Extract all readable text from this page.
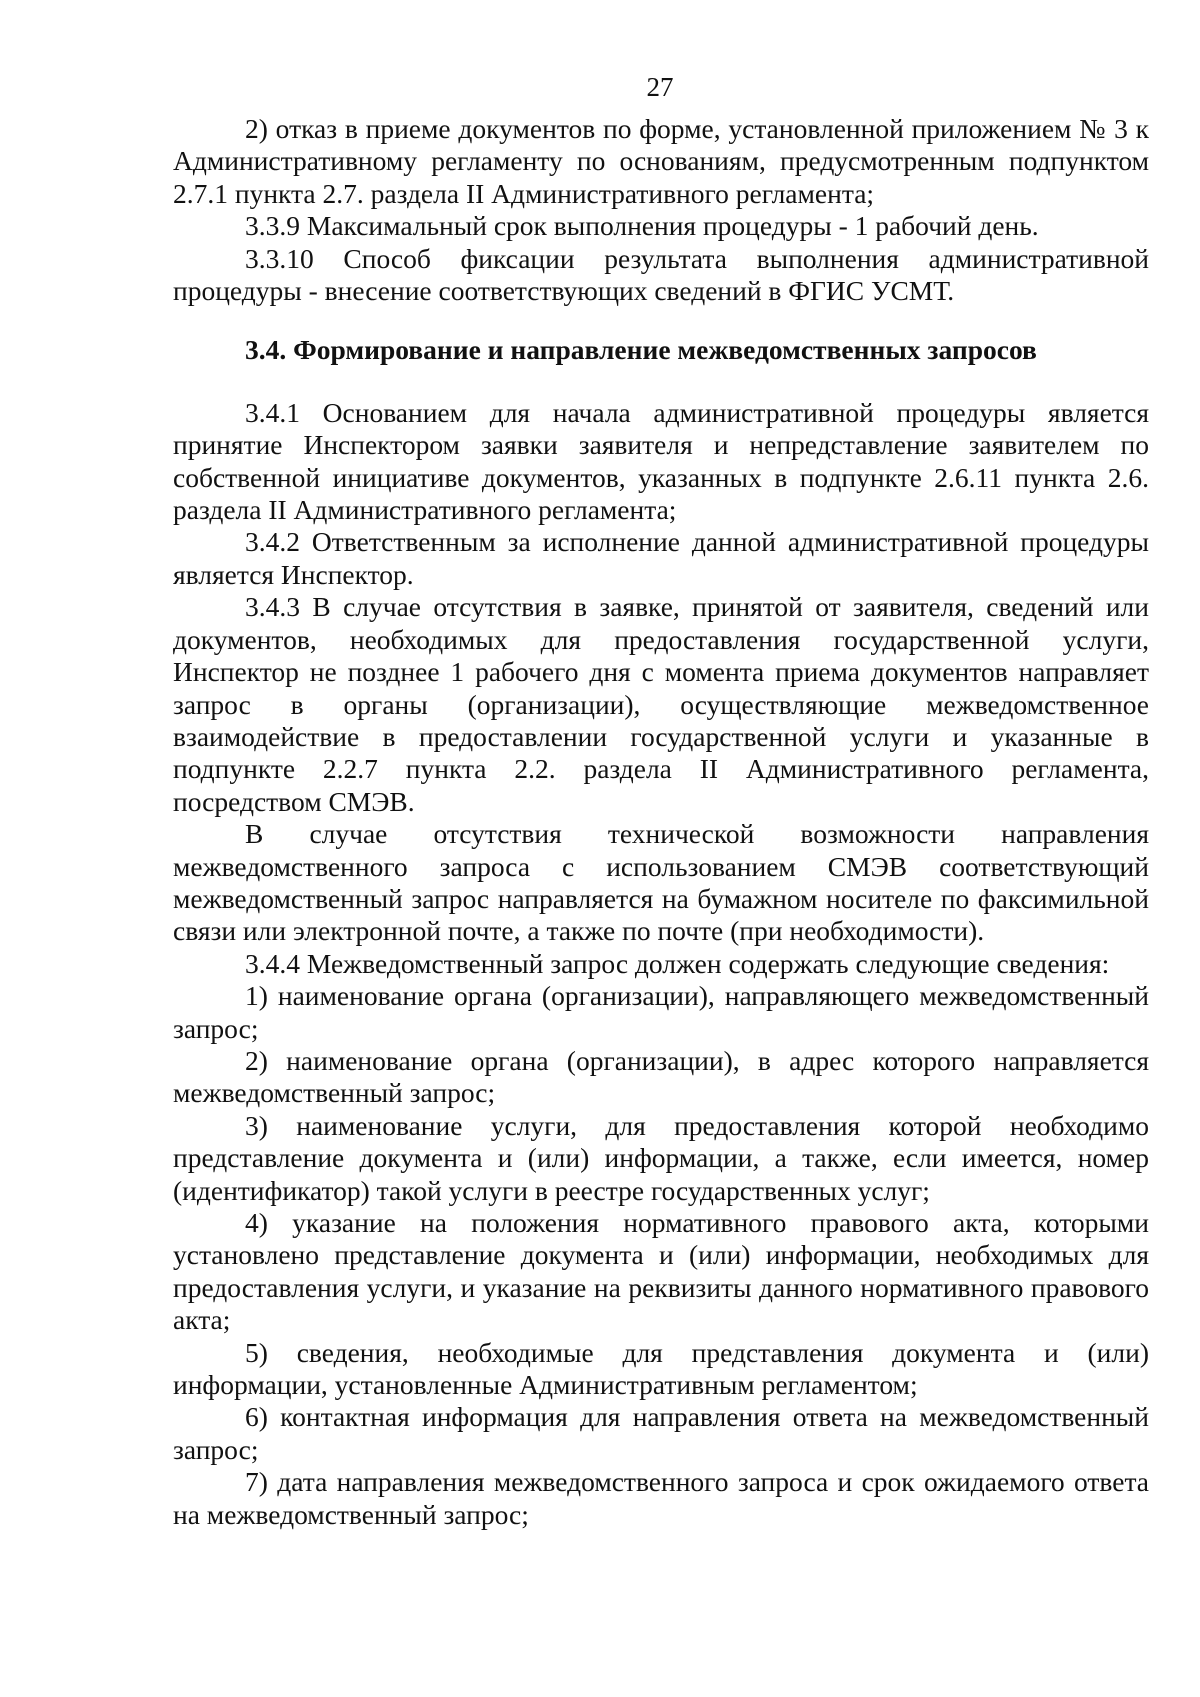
27

2) отказ в приеме документов по форме, установленной приложением № 3 к Административному регламенту по основаниям, предусмотренным подпунктом 2.7.1 пункта 2.7. раздела II Административного регламента;

3.3.9 Максимальный срок выполнения процедуры - 1 рабочий день.

3.3.10 Способ фиксации результата выполнения административной процедуры - внесение соответствующих сведений в ФГИС УСМТ.

3.4. Формирование и направление межведомственных запросов

3.4.1 Основанием для начала административной процедуры является принятие Инспектором заявки заявителя и непредставление заявителем по собственной инициативе документов, указанных в подпункте 2.6.11 пункта 2.6. раздела II Административного регламента;

3.4.2 Ответственным за исполнение данной административной процедуры является Инспектор.

3.4.3 В случае отсутствия в заявке, принятой от заявителя, сведений или документов, необходимых для предоставления государственной услуги, Инспектор не позднее 1 рабочего дня с момента приема документов направляет запрос в органы (организации), осуществляющие межведомственное взаимодействие в предоставлении государственной услуги и указанные в подпункте 2.2.7 пункта 2.2. раздела II Административного регламента, посредством СМЭВ.

В случае отсутствия технической возможности направления межведомственного запроса с использованием СМЭВ соответствующий межведомственный запрос направляется на бумажном носителе по факсимильной связи или электронной почте, а также по почте (при необходимости).

3.4.4 Межведомственный запрос должен содержать следующие сведения:

1) наименование органа (организации), направляющего межведомственный запрос;

2) наименование органа (организации), в адрес которого направляется межведомственный запрос;

3) наименование услуги, для предоставления которой необходимо представление документа и (или) информации, а также, если имеется, номер (идентификатор) такой услуги в реестре государственных услуг;

4) указание на положения нормативного правового акта, которыми установлено представление документа и (или) информации, необходимых для предоставления услуги, и указание на реквизиты данного нормативного правового акта;

5) сведения, необходимые для представления документа и (или) информации, установленные Административным регламентом;

6) контактная информация для направления ответа на межведомственный запрос;

7) дата направления межведомственного запроса и срок ожидаемого ответа на межведомственный запрос;
